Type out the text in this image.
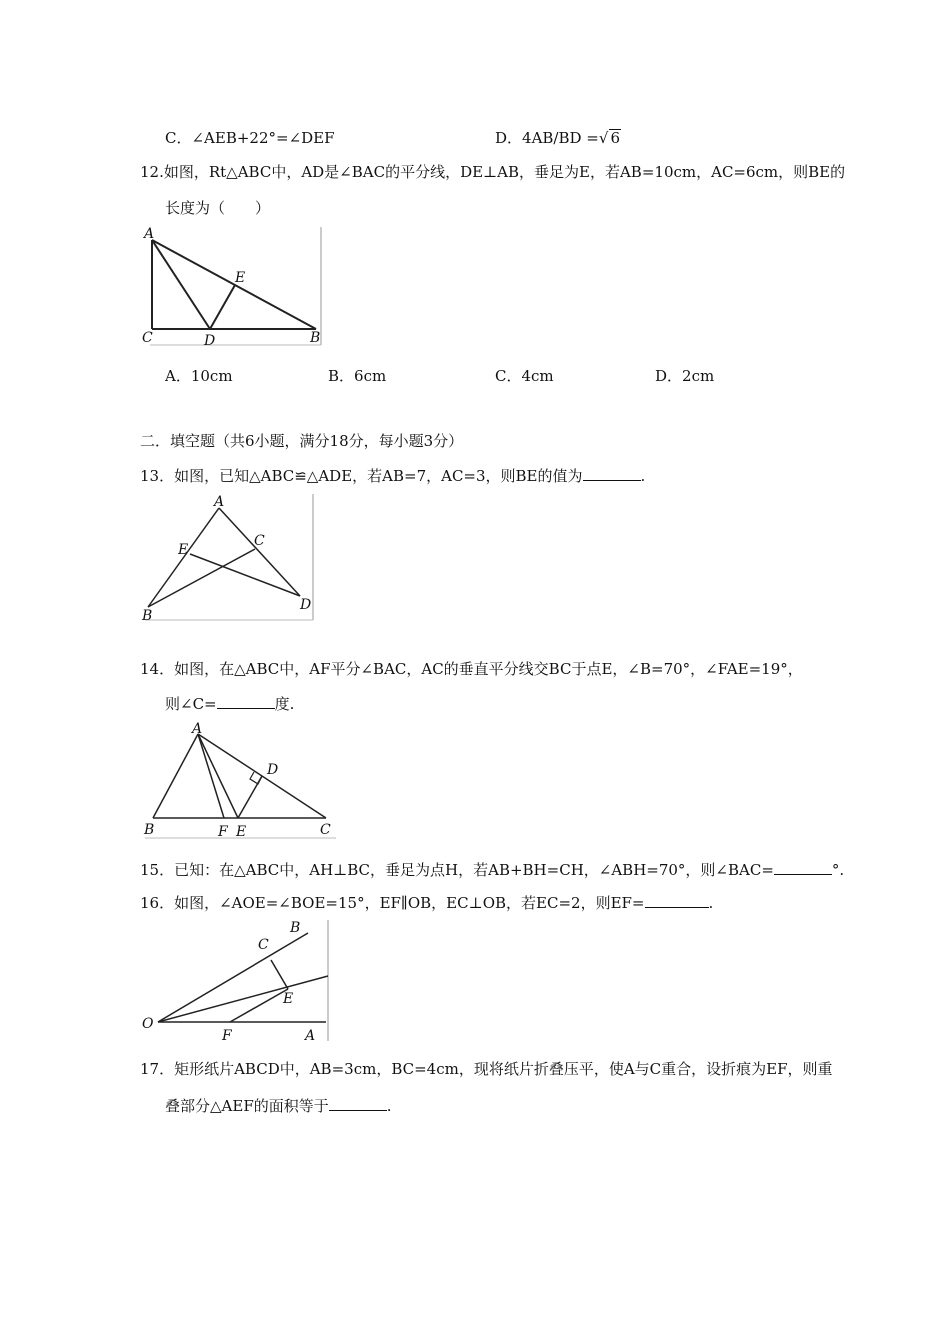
C．∠AEB+22°=∠DEF	D．4AB/BD =√ 6
12.如图，Rt△ABC中，AD是∠BAC的平分线，DE⊥AB，垂足为E，若AB=10cm，AC=6cm，则BE的
长度为（　　）
A
E
C	D	B
A．10cm	B．6cm	C．4cm	D．2cm
二．填空题（共6小题，满分18分，每小题3分）
13．如图，已知△ABC≌△ADE，若AB=7，AC=3，则BE的值为	.
A
E
C
B
D
14．如图，在△ABC中，AF平分∠BAC，AC的垂直平分线交BC于点E，∠B=70°，∠FAE=19°，
则∠C=	度.
A
D
B	F E	C
15．已知：在△ABC中，AH⊥BC，垂足为点H，若AB+BH=CH，∠ABH=70°，则∠BAC=	°.
16．如图，∠AOE=∠BOE=15°，EF∥OB，EC⊥OB，若EC=2，则EF=	.
B
C
E
O
F	A
17．矩形纸片ABCD中，AB=3cm，BC=4cm，现将纸片折叠压平，使A与C重合，设折痕为EF，则重
叠部分△AEF的面积等于	.
